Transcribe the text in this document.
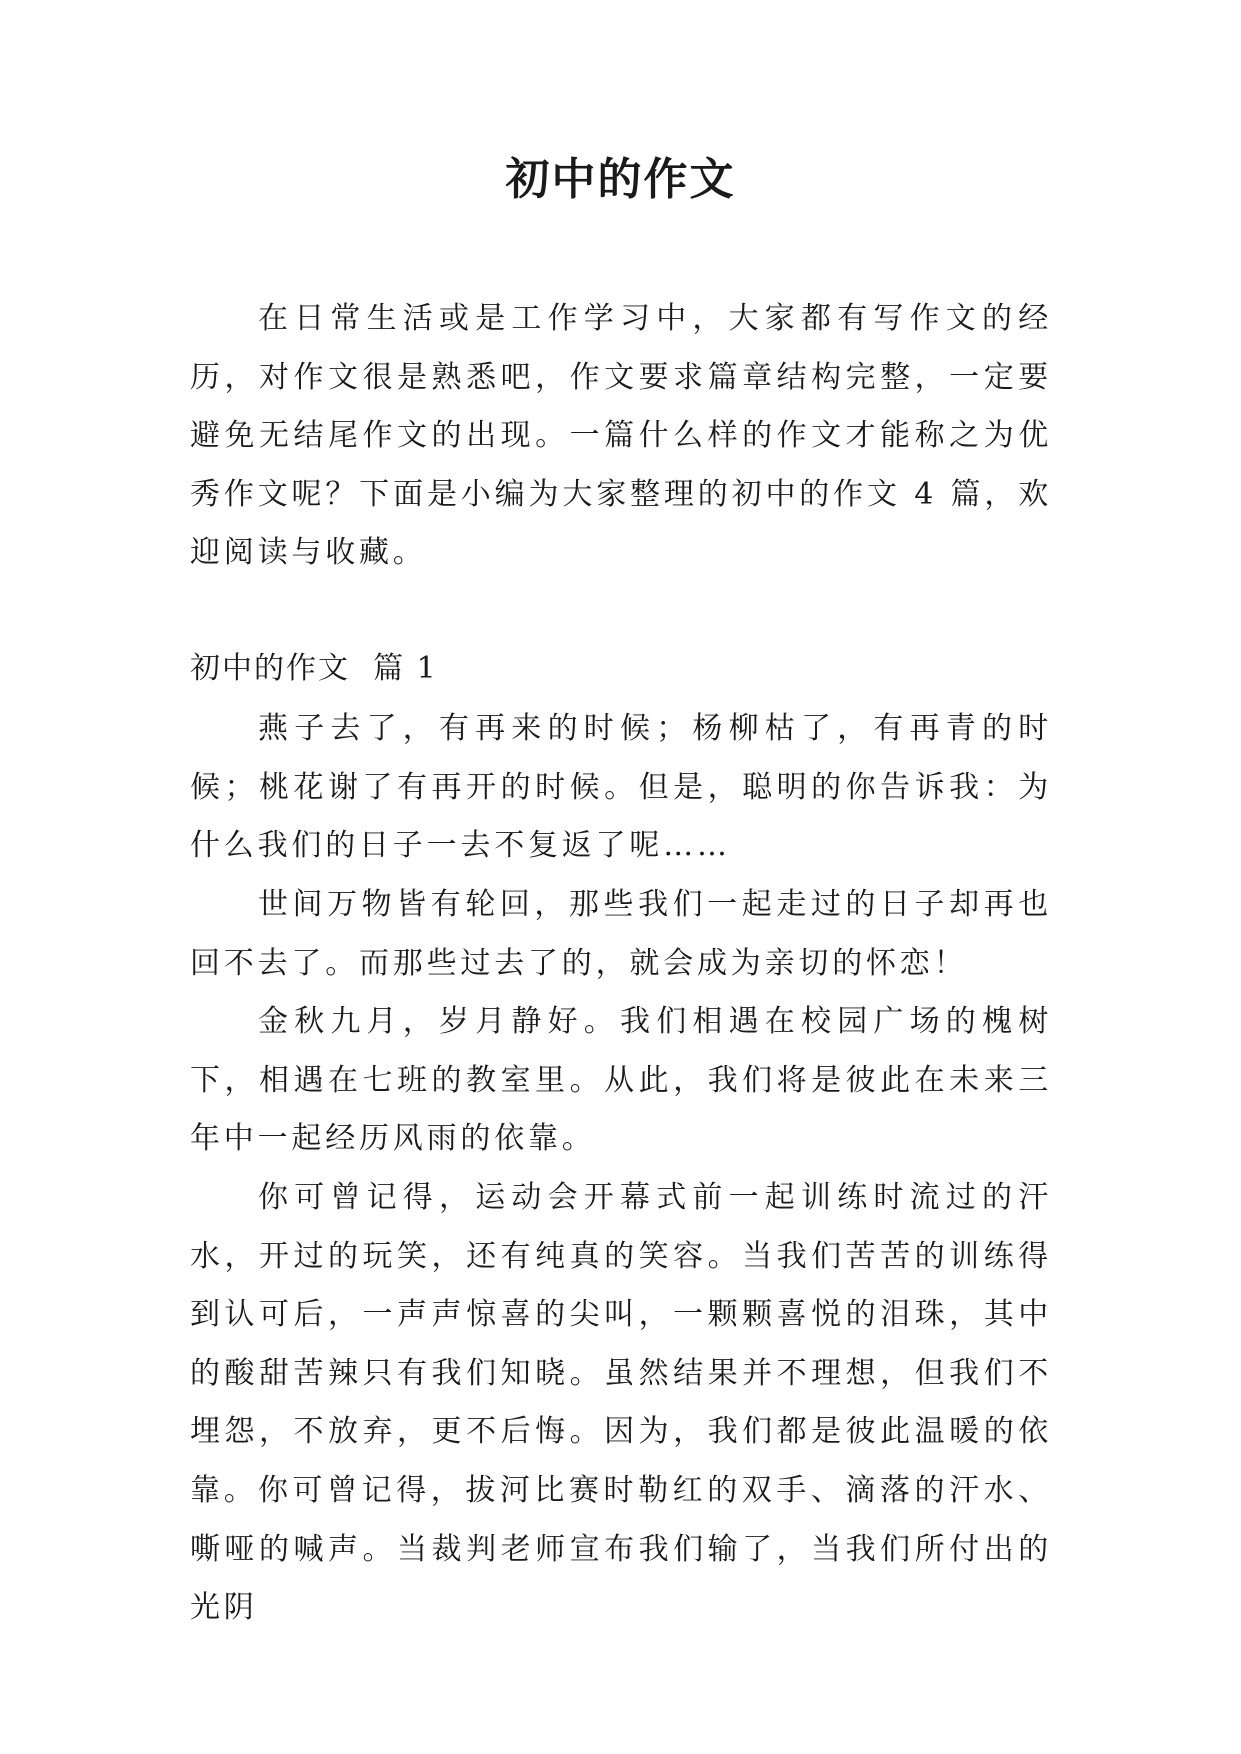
初中的作文

在日常生活或是工作学习中，大家都有写作文的经历，对作文很是熟悉吧，作文要求篇章结构完整，一定要避免无结尾作文的出现。一篇什么样的作文才能称之为优秀作文呢？下面是小编为大家整理的初中的作文 4 篇，欢迎阅读与收藏。

初中的作文  篇 1

燕子去了，有再来的时候；杨柳枯了，有再青的时候；桃花谢了有再开的时候。但是，聪明的你告诉我：为什么我们的日子一去不复返了呢……

世间万物皆有轮回，那些我们一起走过的日子却再也回不去了。而那些过去了的，就会成为亲切的怀恋！

金秋九月，岁月静好。我们相遇在校园广场的槐树下，相遇在七班的教室里。从此，我们将是彼此在未来三年中一起经历风雨的依靠。

你可曾记得，运动会开幕式前一起训练时流过的汗水，开过的玩笑，还有纯真的笑容。当我们苦苦的训练得到认可后，一声声惊喜的尖叫，一颗颗喜悦的泪珠，其中的酸甜苦辣只有我们知晓。虽然结果并不理想，但我们不埋怨，不放弃，更不后悔。因为，我们都是彼此温暖的依靠。 你可曾记得，拔河比赛时勒红的双手、滴落的汗水、嘶哑的喊声。当裁判老师宣布我们输了，当我们所付出的光阴
